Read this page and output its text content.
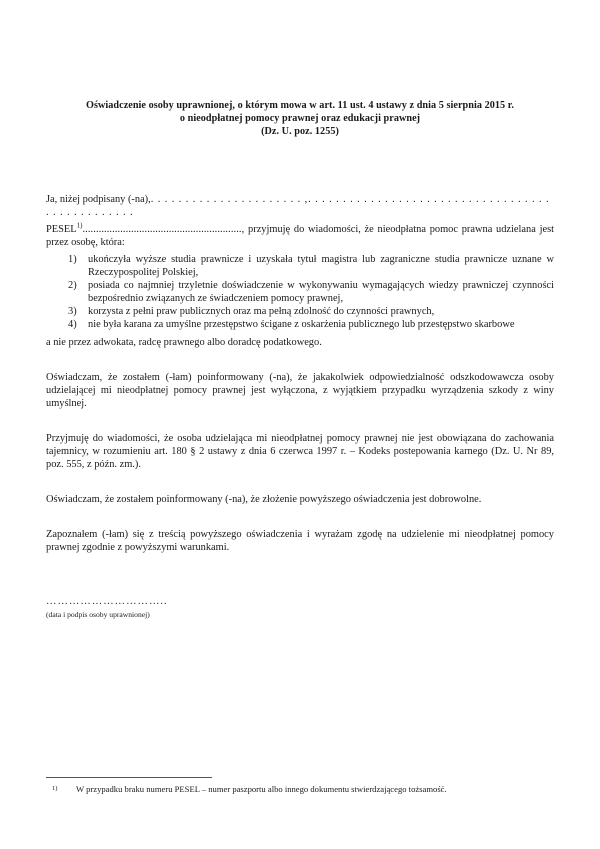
Oświadczenie osoby uprawnionej, o którym mowa w art. 11 ust. 4 ustawy z dnia 5 sierpnia 2015 r.
o nieodpłatnej pomocy prawnej oraz edukacji prawnej
(Dz. U. poz. 1255)

Ja, niżej podpisany (-na),. . . . . . . . . . . . . . . . . . . . . . ,. . . . . . . . . . . . . . . . . . . . . . . . . . . . . . . . . . . . . . . . . . . . . . . .

PESEL$^{1)}$..........................................................., przyjmuję do wiadomości, że nieodpłatna pomoc prawna udzielana jest przez osobę, która:

1)	ukończyła wyższe studia prawnicze i uzyskała tytuł magistra lub zagraniczne studia prawnicze uznane w Rzeczypospolitej Polskiej,
2)	posiada co najmniej trzyletnie doświadczenie w wykonywaniu wymagających wiedzy prawniczej czynności bezpośrednio związanych ze świadczeniem pomocy prawnej,
3)	korzysta z pełni praw publicznych oraz ma pełną zdolność do czynności prawnych,
4)	nie była karana za umyślne przestępstwo ścigane z oskarżenia publicznego lub przestępstwo skarbowe

a nie przez adwokata, radcę prawnego albo doradcę podatkowego.

Oświadczam, że zostałem (-łam) poinformowany (-na), że jakakolwiek odpowiedzialność odszkodowawcza osoby udzielającej mi nieodpłatnej pomocy prawnej jest wyłączona, z wyjątkiem przypadku wyrządzenia szkody z winy umyślnej.

Przyjmuję do wiadomości, że osoba udzielająca mi nieodpłatnej pomocy prawnej nie jest obowiązana do zachowania tajemnicy, w rozumieniu art. 180 § 2 ustawy z dnia 6 czerwca 1997 r. – Kodeks postepowania karnego (Dz. U. Nr 89, poz. 555, z późn. zm.).

Oświadczam, że zostałem poinformowany (-na), że złożenie powyższego oświadczenia jest dobrowolne.

Zapoznałem (-łam) się z treścią powyższego oświadczenia i wyrażam zgodę na udzielenie mi nieodpłatnej pomocy prawnej zgodnie z powyższymi warunkami.

…………………………..
(data i podpis osoby uprawnionej)
1) W przypadku braku numeru PESEL – numer paszportu albo innego dokumentu stwierdzającego tożsamość.
